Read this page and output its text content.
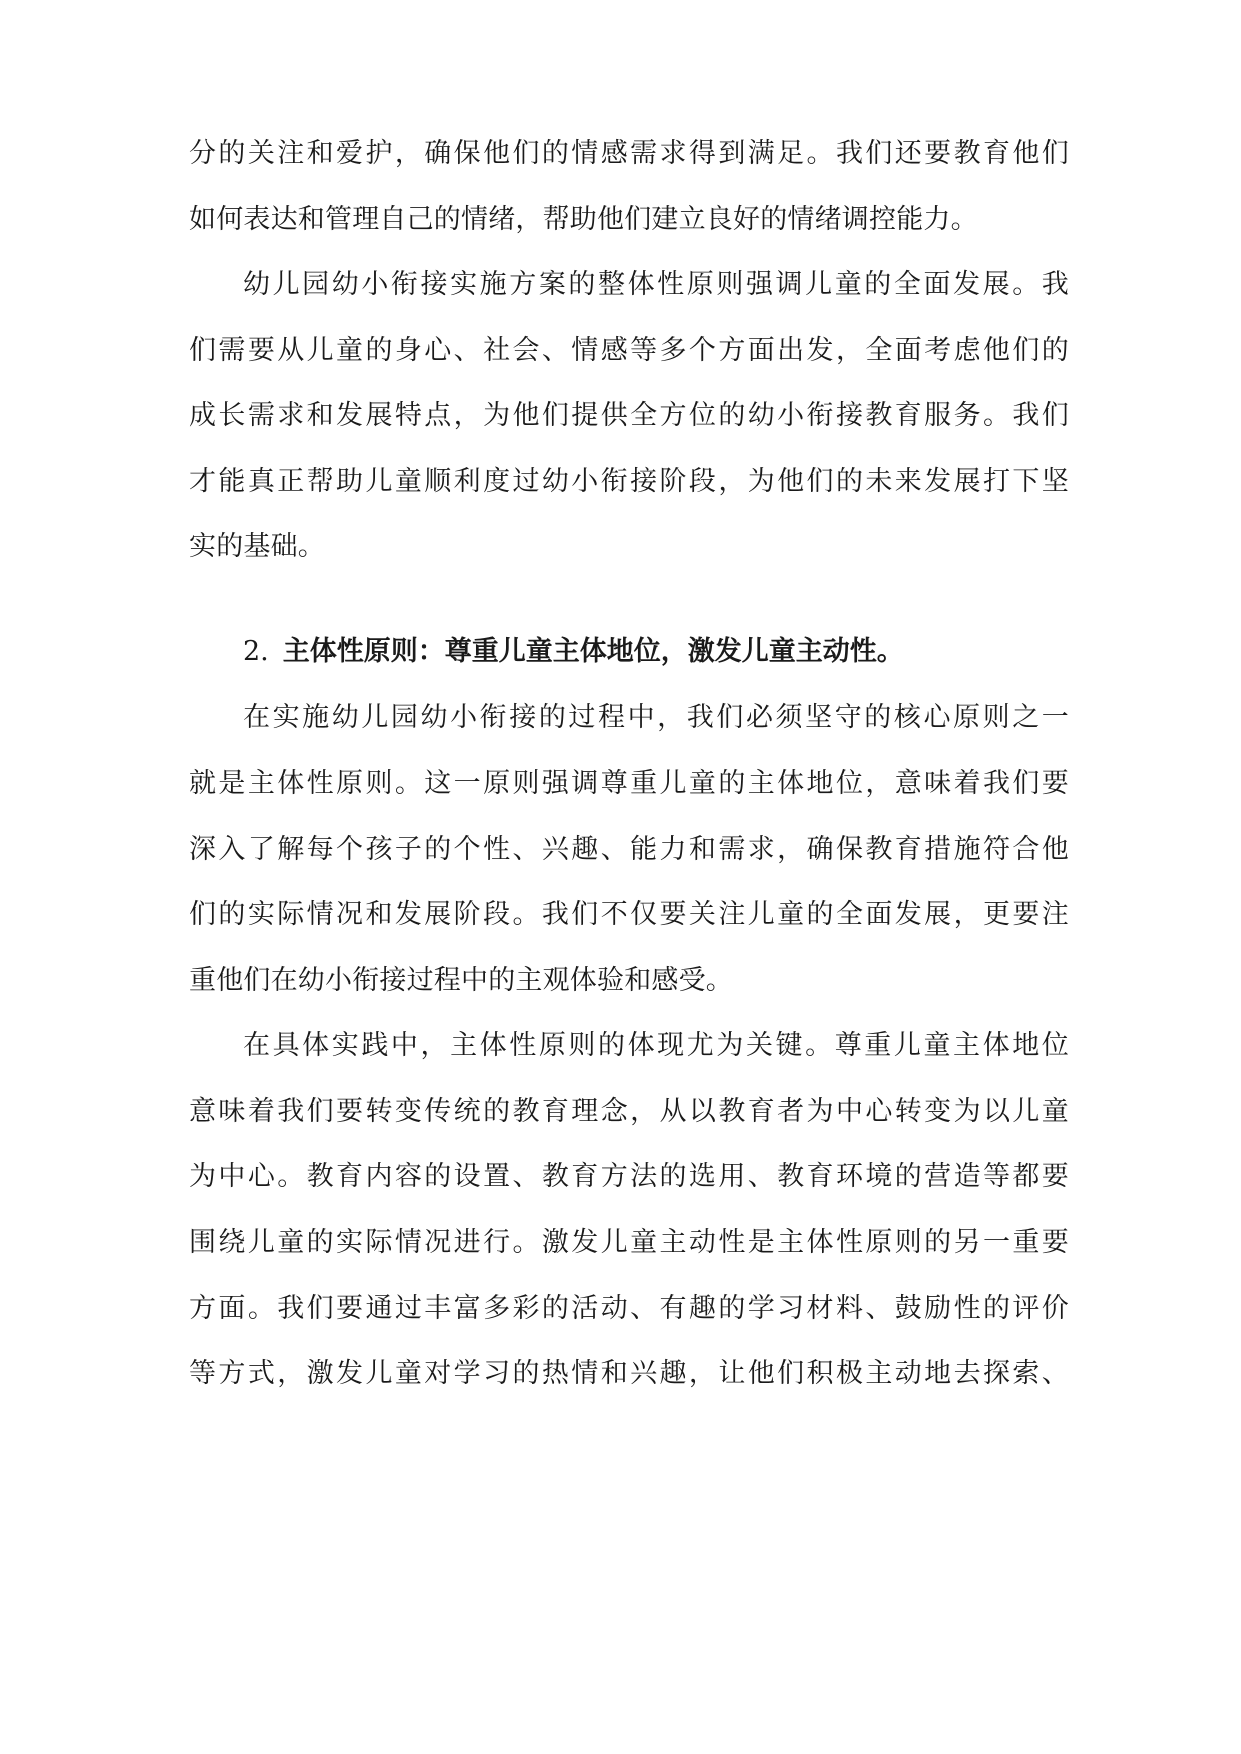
分的关注和爱护，确保他们的情感需求得到满足。我们还要教育他们
如何表达和管理自己的情绪，帮助他们建立良好的情绪调控能力。
幼儿园幼小衔接实施方案的整体性原则强调儿童的全面发展。我
们需要从儿童的身心、社会、情感等多个方面出发，全面考虑他们的
成长需求和发展特点，为他们提供全方位的幼小衔接教育服务。我们
才能真正帮助儿童顺利度过幼小衔接阶段，为他们的未来发展打下坚
实的基础。
2. 主体性原则：尊重儿童主体地位，激发儿童主动性。
在实施幼儿园幼小衔接的过程中，我们必须坚守的核心原则之一
就是主体性原则。这一原则强调尊重儿童的主体地位，意味着我们要
深入了解每个孩子的个性、兴趣、能力和需求，确保教育措施符合他
们的实际情况和发展阶段。我们不仅要关注儿童的全面发展，更要注
重他们在幼小衔接过程中的主观体验和感受。
在具体实践中，主体性原则的体现尤为关键。尊重儿童主体地位
意味着我们要转变传统的教育理念，从以教育者为中心转变为以儿童
为中心。教育内容的设置、教育方法的选用、教育环境的营造等都要
围绕儿童的实际情况进行。激发儿童主动性是主体性原则的另一重要
方面。我们要通过丰富多彩的活动、有趣的学习材料、鼓励性的评价
等方式，激发儿童对学习的热情和兴趣，让他们积极主动地去探索、
